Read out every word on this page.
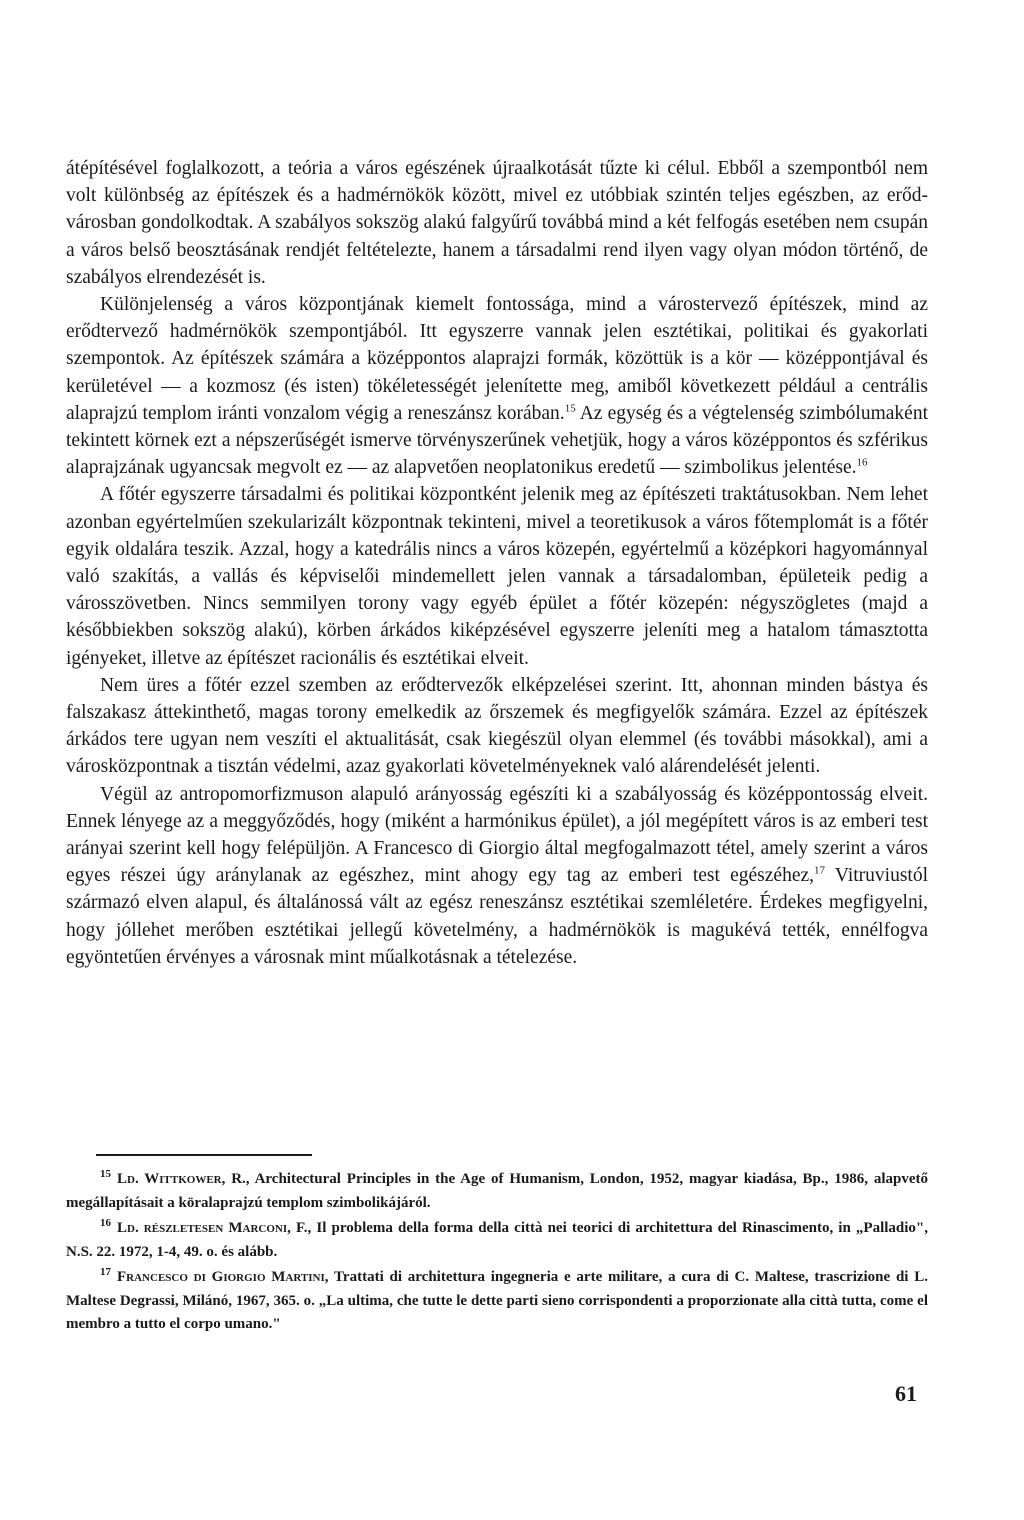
átépítésével foglalkozott, a teória a város egészének újraalkotását tűzte ki célul. Ebből a szempontból nem volt különbség az építészek és a hadmérnökök között, mivel ez utóbbiak szintén teljes egészben, az erőd-városban gondolkodtak. A szabályos sokszög alakú falgyűrű továbbá mind a két felfogás esetében nem csupán a város belső beosztásának rendjét feltételezte, hanem a társadalmi rend ilyen vagy olyan módon történő, de szabályos elrendezését is.

Különjelenség a város központjának kiemelt fontossága, mind a várostervező építészek, mind az erődtervező hadmérnökök szempontjából. Itt egyszerre vannak jelen esztétikai, politikai és gyakorlati szempontok. Az építészek számára a középpontos alaprajzi formák, közöttük is a kör — középpontjával és kerületével — a kozmosz (és isten) tökéletességét jelenítette meg, amiből következett például a centrális alaprajzú templom iránti vonzalom végig a reneszánsz korában.$^{15}$ Az egység és a végtelenség szimbólumaként tekintett körnek ezt a népszerűségét ismerve törvényszerűnek vehetjük, hogy a város középpontos és szférikus alaprajzának ugyancsak megvolt ez — az alapvetően neoplatonikus eredetű — szimbolikus jelentése.$^{16}$

A főtér egyszerre társadalmi és politikai központként jelenik meg az építészeti traktátusokban. Nem lehet azonban egyértelműen szekularizált központnak tekinteni, mivel a teoretikusok a város főtemplomát is a főtér egyik oldalára teszik. Azzal, hogy a katedrális nincs a város közepén, egyértelmű a középkori hagyománnyal való szakítás, a vallás és képviselői mindemellett jelen vannak a társadalomban, épületeik pedig a városszövetben. Nincs semmilyen torony vagy egyéb épület a főtér közepén: négyszögletes (majd a későbbiekben sokszög alakú), körben árkádos kiképzésével egyszerre jeleníti meg a hatalom támasztotta igényeket, illetve az építészet racionális és esztétikai elveit.

Nem üres a főtér ezzel szemben az erődtervezők elképzelései szerint. Itt, ahonnan minden bástya és falszakasz áttekinthető, magas torony emelkedik az őrszemek és megfigyelők számára. Ezzel az építészek árkádos tere ugyan nem veszíti el aktualitását, csak kiegészül olyan elemmel (és további másokkal), ami a városközpontnak a tisztán védelmi, azaz gyakorlati követelményeknek való alárendelését jelenti.

Végül az antropomorfizmuson alapuló arányosság egészíti ki a szabályosság és középpontosság elveit. Ennek lényege az a meggyőződés, hogy (miként a harmónikus épület), a jól megépített város is az emberi test arányai szerint kell hogy felépüljön. A Francesco di Giorgio által megfogalmazott tétel, amely szerint a város egyes részei úgy aránylanak az egészhez, mint ahogy egy tag az emberi test egészéhez,$^{17}$ Vitruviustól származó elven alapul, és általánossá vált az egész reneszánsz esztétikai szemléletére. Érdekes megfigyelni, hogy jóllehet merőben esztétikai jellegű követelmény, a hadmérnökök is magukévá tették, ennélfogva egyöntetűen érvényes a városnak mint műalkotásnak a tételezése.

$^{15}$ Ld. Wittkower, R., Architectural Principles in the Age of Humanism, London, 1952, magyar kiadása, Bp., 1986, alapvető megállapításait a köralaprajzú templom szimbolikájáról.

$^{16}$ Ld. részletesen Marconi, F., Il problema della forma della città nei teorici di architettura del Rinascimento, in „Palladio", N.S. 22. 1972, 1-4, 49. o. és alább.

$^{17}$ Francesco di Giorgio Martini, Trattati di architettura ingegneria e arte militare, a cura di C. Maltese, trascrizione di L. Maltese Degrassi, Milánó, 1967, 365. o. „La ultima, che tutte le dette parti sieno corrispondenti a proporzionate alla città tutta, come el membro a tutto el corpo umano."

61
